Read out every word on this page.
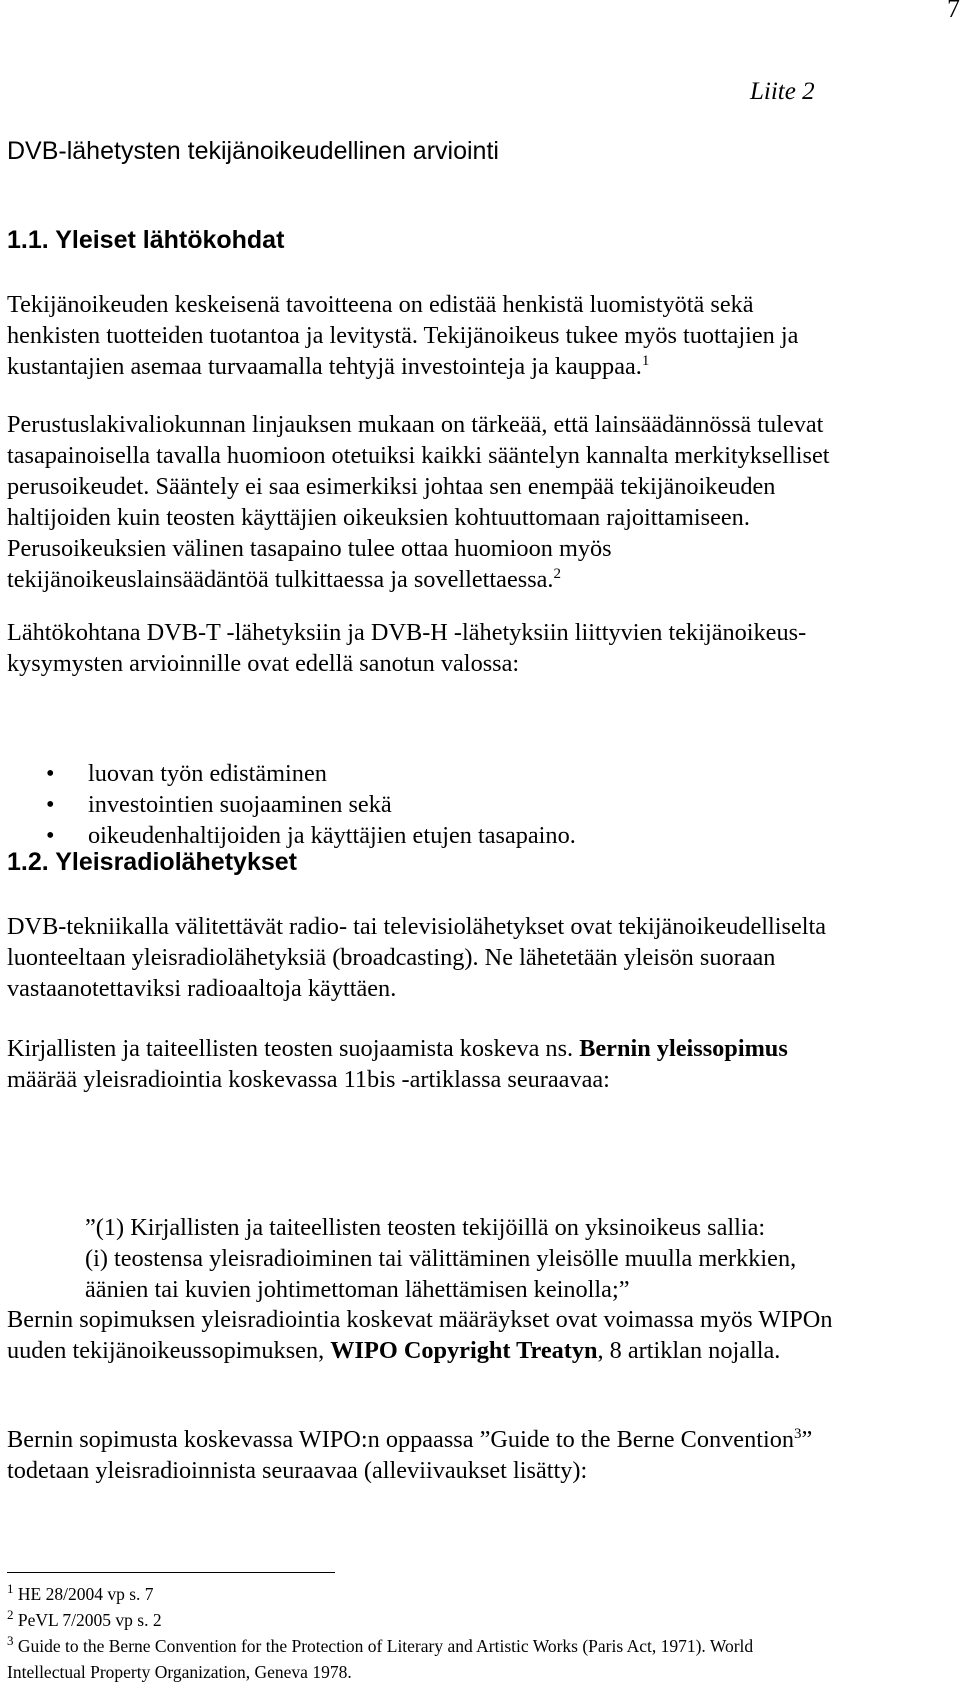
7
Liite 2
DVB-lähetysten tekijänoikeudellinen arviointi
1.1. Yleiset lähtökohdat
Tekijänoikeuden keskeisenä tavoitteena on edistää henkistä luomistyötä sekä
henkisten tuotteiden tuotantoa ja levitystä. Tekijänoikeus tukee myös tuottajien ja
kustantajien asemaa turvaamalla tehtyjä investointeja ja kauppaa.$^1$
Perustuslakivaliokunnan linjauksen mukaan on tärkeää, että lainsäädännössä tulevat
tasapainoisella tavalla huomioon otetuiksi kaikki sääntelyn kannalta merkitykselliset
perusoikeudet. Sääntely ei saa esimerkiksi johtaa sen enempää tekijänoikeuden
haltijoiden kuin teosten käyttäjien oikeuksien kohtuuttomaan rajoittamiseen.
Perusoikeuksien välinen tasapaino tulee ottaa huomioon myös
tekijänoikeuslainsäädäntöä tulkittaessa ja sovellettaessa.$^2$
Lähtökohtana DVB-T -lähetyksiin ja DVB-H -lähetyksiin liittyvien tekijänoikeus-
kysymysten arvioinnille ovat edellä sanotun valossa:
• luovan työn edistäminen
• investointien suojaaminen sekä
• oikeudenhaltijoiden ja käyttäjien etujen tasapaino.
1.2. Yleisradiolähetykset
DVB-tekniikalla välitettävät radio- tai televisiolähetykset ovat tekijänoikeudelliselta
luonteeltaan yleisradiolähetyksiä (broadcasting). Ne lähetetään yleisön suoraan
vastaanotettaviksi radioaaltoja käyttäen.
Kirjallisten ja taiteellisten teosten suojaamista koskeva ns. Bernin yleissopimus
määrää yleisradiointia koskevassa 11bis -artiklassa seuraavaa:
”(1) Kirjallisten ja taiteellisten teosten tekijöillä on yksinoikeus sallia:
(i) teostensa yleisradioiminen tai välittäminen yleisölle muulla merkkien,
äänien tai kuvien johtimettoman lähettämisen keinolla;”
Bernin sopimuksen yleisradiointia koskevat määräykset ovat voimassa myös WIPOn
uuden tekijänoikeussopimuksen, WIPO Copyright Treatyn, 8 artiklan nojalla.
Bernin sopimusta koskevassa WIPO:n oppaassa ”Guide to the Berne Convention$^3$”
todetaan yleisradioinnista seuraavaa (alleviivaukset lisätty):
$^1$ HE 28/2004 vp s. 7
$^2$ PeVL 7/2005 vp s. 2
$^3$ Guide to the Berne Convention for the Protection of Literary and Artistic Works (Paris Act, 1971). World
Intellectual Property Organization, Geneva 1978.
